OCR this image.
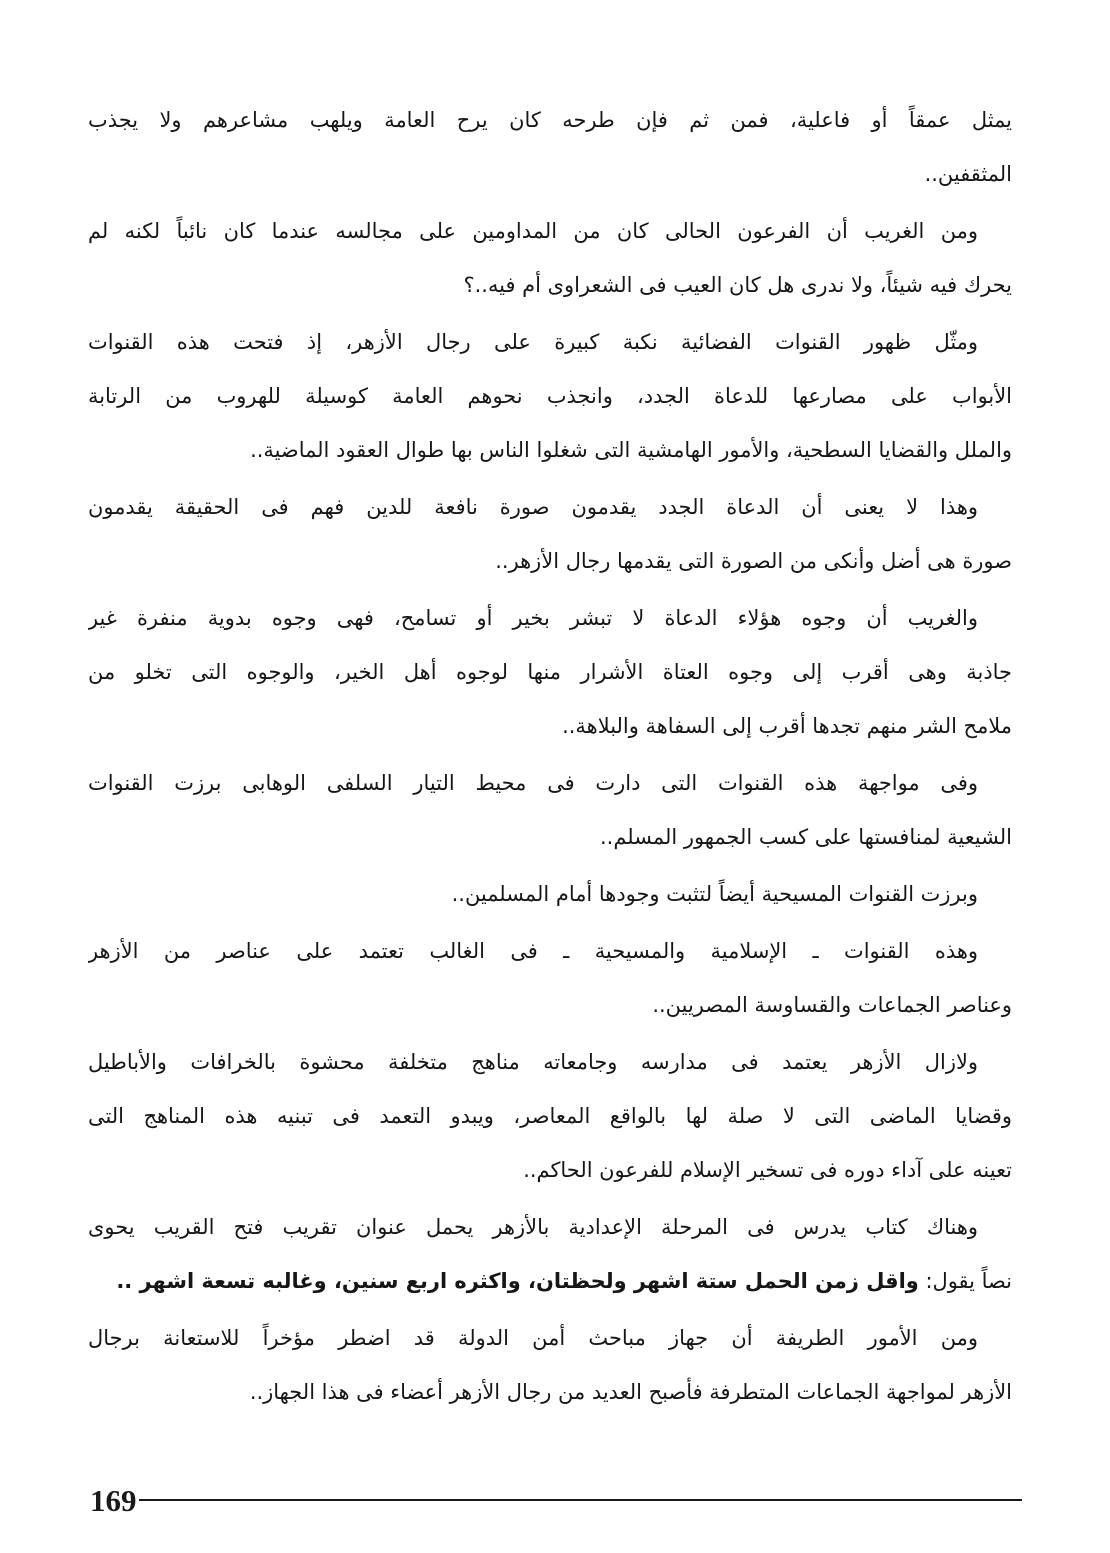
يمثل عمقاً أو فاعلية، فمن ثم فإن طرحه كان يرح العامة ويلهب مشاعرهم ولا يجذب
المثقفين..
ومن الغريب أن الفرعون الحالى كان من المداومين على مجالسه عندما كان نائباً لكنه لم
يحرك فيه شيئاً، ولا ندرى هل كان العيب فى الشعراوى أم فيه..؟
ومثّل ظهور القنوات الفضائية نكبة كبيرة على رجال الأزهر، إذ فتحت هذه القنوات
الأبواب على مصارعها للدعاة الجدد، وانجذب نحوهم العامة كوسيلة للهروب من الرتابة
والملل والقضايا السطحية، والأمور الهامشية التى شغلوا الناس بها طوال العقود الماضية..
وهذا لا يعنى أن الدعاة الجدد يقدمون صورة نافعة للدين فهم فى الحقيقة يقدمون
صورة هى أضل وأنكى من الصورة التى يقدمها رجال الأزهر..
والغريب أن وجوه هؤلاء الدعاة لا تبشر بخير أو تسامح، فهى وجوه بدوية منفرة غير
جاذبة وهى أقرب إلى وجوه العتاة الأشرار منها لوجوه أهل الخير، والوجوه التى تخلو من
ملامح الشر منهم تجدها أقرب إلى السفاهة والبلاهة..
وفى مواجهة هذه القنوات التى دارت فى محيط التيار السلفى الوهابى برزت القنوات
الشيعية لمنافستها على كسب الجمهور المسلم..
وبرزت القنوات المسيحية أيضاً لتثبت وجودها أمام المسلمين..
وهذه القنوات ـ الإسلامية والمسيحية ـ فى الغالب تعتمد على عناصر من الأزهر
وعناصر الجماعات والقساوسة المصريين..
ولازال الأزهر يعتمد فى مدارسه وجامعاته مناهج متخلفة محشوة بالخرافات والأباطيل
وقضايا الماضى التى لا صلة لها بالواقع المعاصر، ويبدو التعمد فى تبنيه هذه المناهج التى
تعينه على آداء دوره فى تسخير الإسلام للفرعون الحاكم..
وهناك كتاب يدرس فى المرحلة الإعدادية بالأزهر يحمل عنوان تقريب فتح القريب يحوى
نصاً يقول: واقل زمن الحمل ستة اشهر ولحظتان، واكثره اربع سنين، وغالبه تسعة اشهر ..
ومن الأمور الطريفة أن جهاز مباحث أمن الدولة قد اضطر مؤخراً للاستعانة برجال
الأزهر لمواجهة الجماعات المتطرفة فأصبح العديد من رجال الأزهر أعضاء فى هذا الجهاز..
169
